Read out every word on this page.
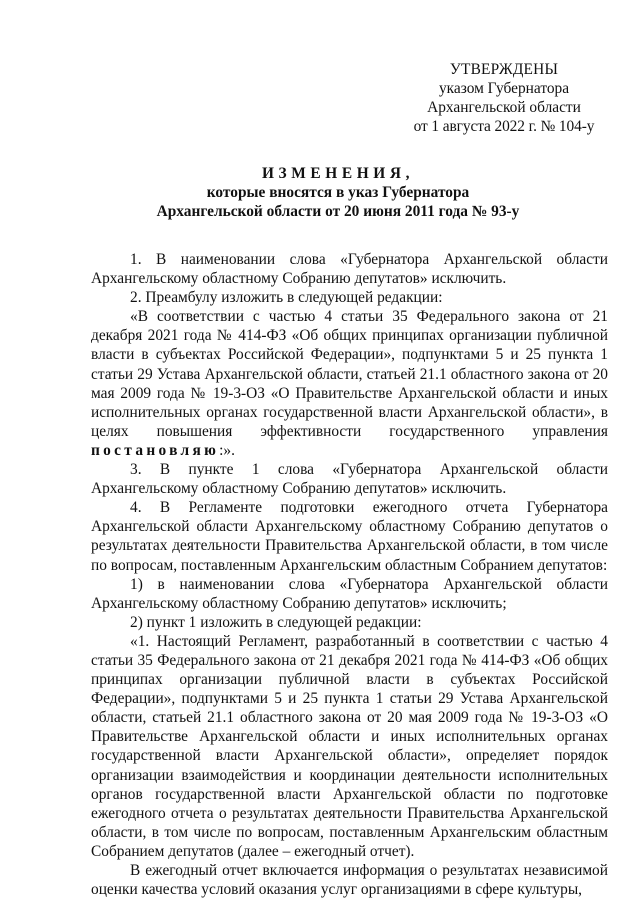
УТВЕРЖДЕНЫ
указом Губернатора
Архангельской области
от 1 августа 2022 г. № 104-у
ИЗМЕНЕНИЯ,
которые вносятся в указ Губернатора
Архангельской области от 20 июня 2011 года № 93-у

1. В наименовании слова «Губернатора Архангельской области Архангельскому областному Собранию депутатов» исключить.

2. Преамбулу изложить в следующей редакции:

«В соответствии с частью 4 статьи 35 Федерального закона от 21 декабря 2021 года № 414-ФЗ «Об общих принципах организации публичной власти в субъектах Российской Федерации», подпунктами 5 и 25 пункта 1 статьи 29 Устава Архангельской области, статьей 21.1 областного закона от 20 мая 2009 года № 19-3-ОЗ «О Правительстве Архангельской области и иных исполнительных органах государственной власти Архангельской области», в целях повышения эффективности государственного управления постановляю:».

3. В пункте 1 слова «Губернатора Архангельской области Архангельскому областному Собранию депутатов» исключить.

4. В Регламенте подготовки ежегодного отчета Губернатора Архангельской области Архангельскому областному Собранию депутатов о результатах деятельности Правительства Архангельской области, в том числе по вопросам, поставленным Архангельским областным Собранием депутатов:

1) в наименовании слова «Губернатора Архангельской области Архангельскому областному Собранию депутатов» исключить;

2) пункт 1 изложить в следующей редакции:

«1. Настоящий Регламент, разработанный в соответствии с частью 4 статьи 35 Федерального закона от 21 декабря 2021 года № 414-ФЗ «Об общих принципах организации публичной власти в субъектах Российской Федерации», подпунктами 5 и 25 пункта 1 статьи 29 Устава Архангельской области, статьей 21.1 областного закона от 20 мая 2009 года № 19-3-ОЗ «О Правительстве Архангельской области и иных исполнительных органах государственной власти Архангельской области», определяет порядок организации взаимодействия и координации деятельности исполнительных органов государственной власти Архангельской области по подготовке ежегодного отчета о результатах деятельности Правительства Архангельской области, в том числе по вопросам, поставленным Архангельским областным Собранием депутатов (далее – ежегодный отчет).

В ежегодный отчет включается информация о результатах независимой оценки качества условий оказания услуг организациями в сфере культуры,
